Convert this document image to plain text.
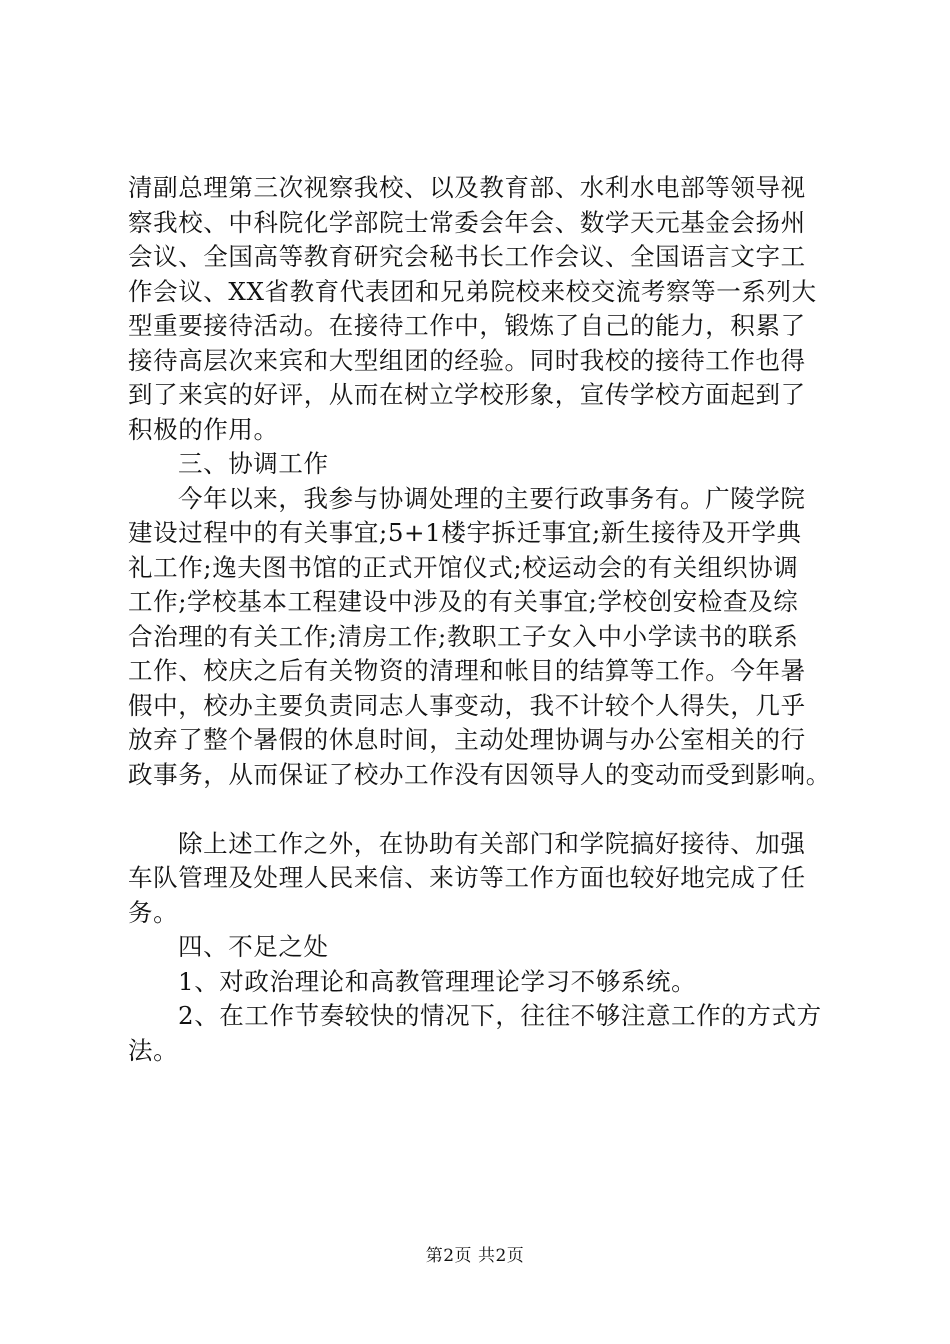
清副总理第三次视察我校、以及教育部、水利水电部等领导视
察我校、中科院化学部院士常委会年会、数学天元基金会扬州
会议、全国高等教育研究会秘书长工作会议、全国语言文字工
作会议、XX省教育代表团和兄弟院校来校交流考察等一系列大
型重要接待活动。在接待工作中，锻炼了自己的能力，积累了
接待高层次来宾和大型组团的经验。同时我校的接待工作也得
到了来宾的好评，从而在树立学校形象，宣传学校方面起到了
积极的作用。
三、协调工作
今年以来，我参与协调处理的主要行政事务有。广陵学院
建设过程中的有关事宜;5+1楼宇拆迁事宜;新生接待及开学典
礼工作;逸夫图书馆的正式开馆仪式;校运动会的有关组织协调
工作;学校基本工程建设中涉及的有关事宜;学校创安检查及综
合治理的有关工作;清房工作;教职工子女入中小学读书的联系
工作、校庆之后有关物资的清理和帐目的结算等工作。今年暑
假中，校办主要负责同志人事变动，我不计较个人得失，几乎
放弃了整个暑假的休息时间，主动处理协调与办公室相关的行
政事务，从而保证了校办工作没有因领导人的变动而受到影响。
除上述工作之外，在协助有关部门和学院搞好接待、加强
车队管理及处理人民来信、来访等工作方面也较好地完成了任
务。
四、不足之处
1、对政治理论和高教管理理论学习不够系统。
2、在工作节奏较快的情况下，往往不够注意工作的方式方
法。
第2页 共2页
